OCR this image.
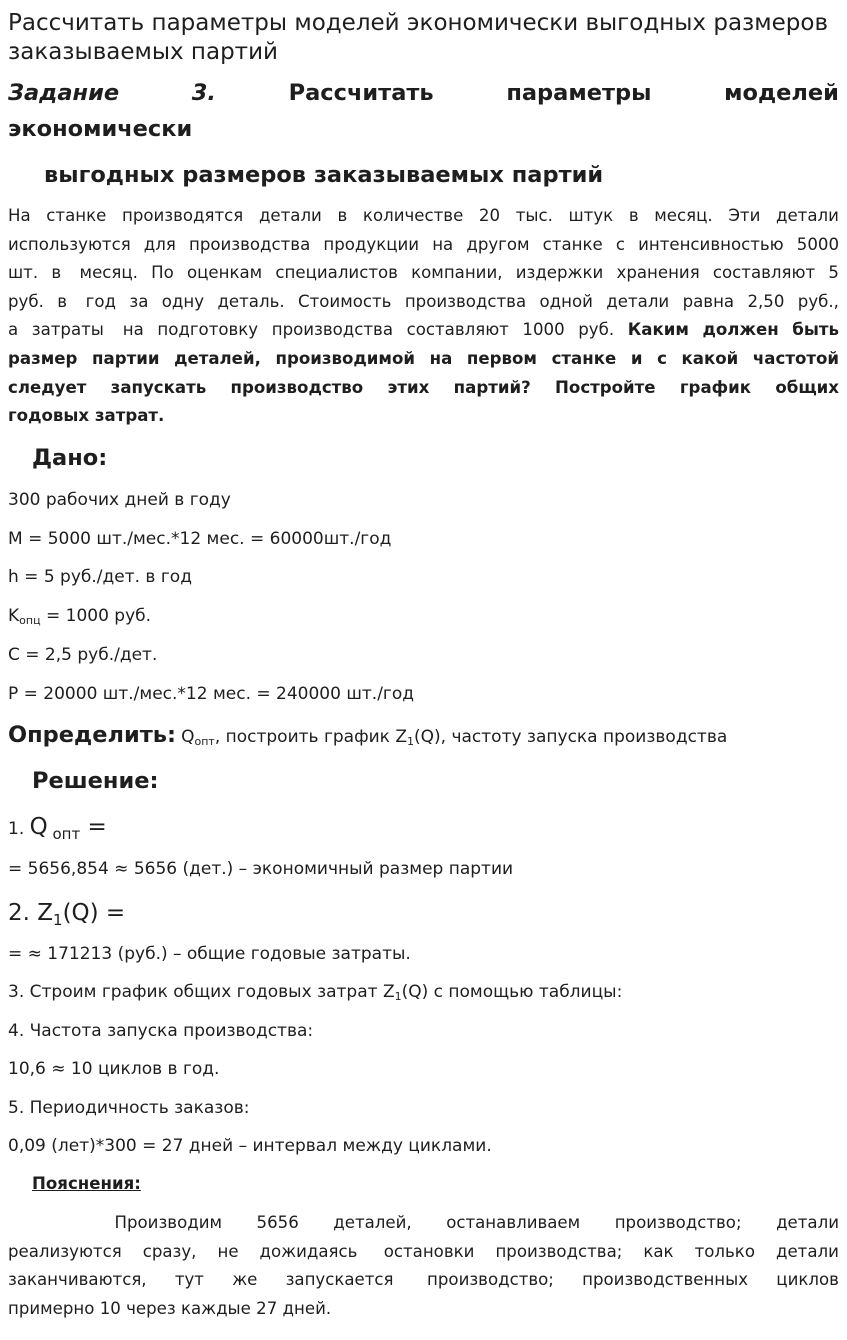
Рассчитать параметры моделей экономически выгодных размеров заказываемых партий
Задание	3.	Рассчитать	параметры	моделей
экономически
выгодных размеров заказываемых партий
На станке производятся детали в количестве 20 тыс. штук в месяц. Эти детали
используются для производства продукции на другом станке с интенсивностью 5000
шт. в месяц. По оценкам специалистов компании, издержки хранения составляют 5
руб. в год за одну деталь. Стоимость производства одной детали равна 2,50 руб.,
а затраты на подготовку производства составляют 1000 руб. Каким должен быть
размер партии деталей, производимой на первом станке и с какой частотой
следует запускать производство этих партий? Постройте график общих
годовых затрат.
Дано:
300 рабочих дней в году
M = 5000 шт./мес.*12 мес. = 60000шт./год
h = 5 руб./дет. в год
$K_{опц} = 1000$ руб.
C = 2,5 руб./дет.
P = 20000 шт./мес.*12 мес. = 240000 шт./год
Определить: $Q_{опт}$, построить график $Z_1(Q)$, частоту запуска производства
Решение:
1. Q опт =
= 5656,854 ≈ 5656 (дет.) – экономичный размер партии
2. $Z_1(Q)$ =
= ≈ 171213 (руб.) – общие годовые затраты.
3. Строим график общих годовых затрат $Z_1(Q)$ с помощью таблицы:
4. Частота запуска производства:
10,6 ≈ 10 циклов в год.
5. Периодичность заказов:
0,09 (лет)*300 = 27 дней – интервал между циклами.
Пояснения:
Производим 5656 деталей, останавливаем производство; детали
реализуются сразу, не дожидаясь остановки производства; как только детали
заканчиваются, тут же запускается производство; производственных циклов
примерно 10 через каждые 27 дней.
